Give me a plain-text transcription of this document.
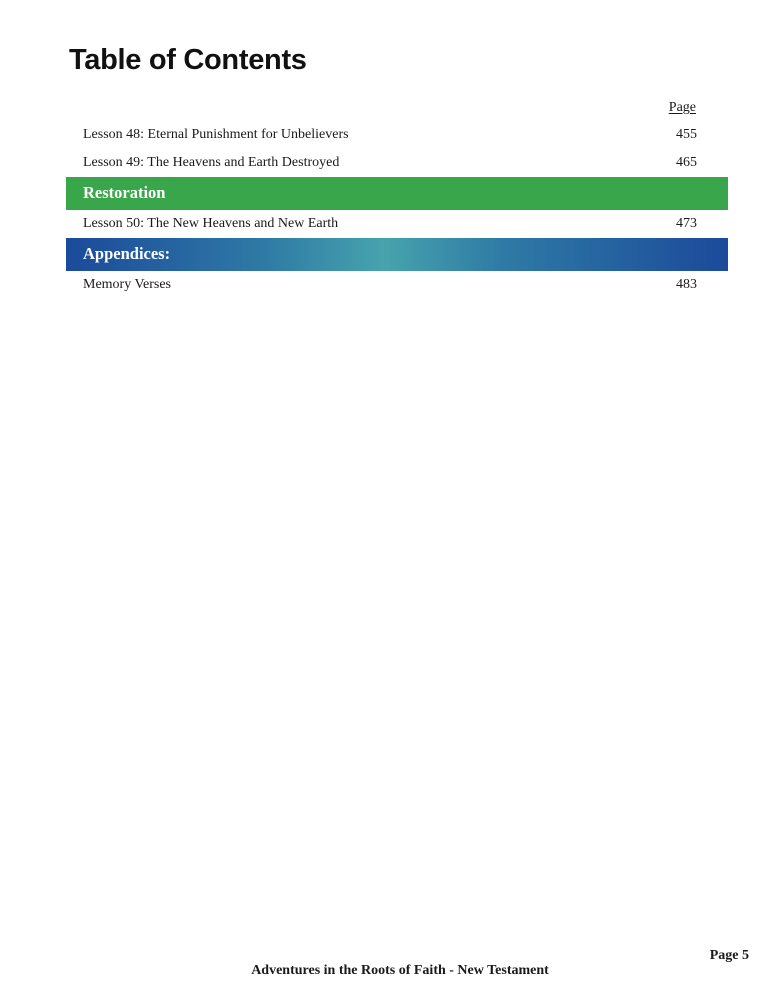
Table of Contents
Page
Lesson 48: Eternal Punishment for Unbelievers	455
Lesson 49: The Heavens and Earth Destroyed	465
Restoration
Lesson 50: The New Heavens and New Earth	473
Appendices:
Memory Verses	483
Page 5
Adventures in the Roots of Faith - New Testament
